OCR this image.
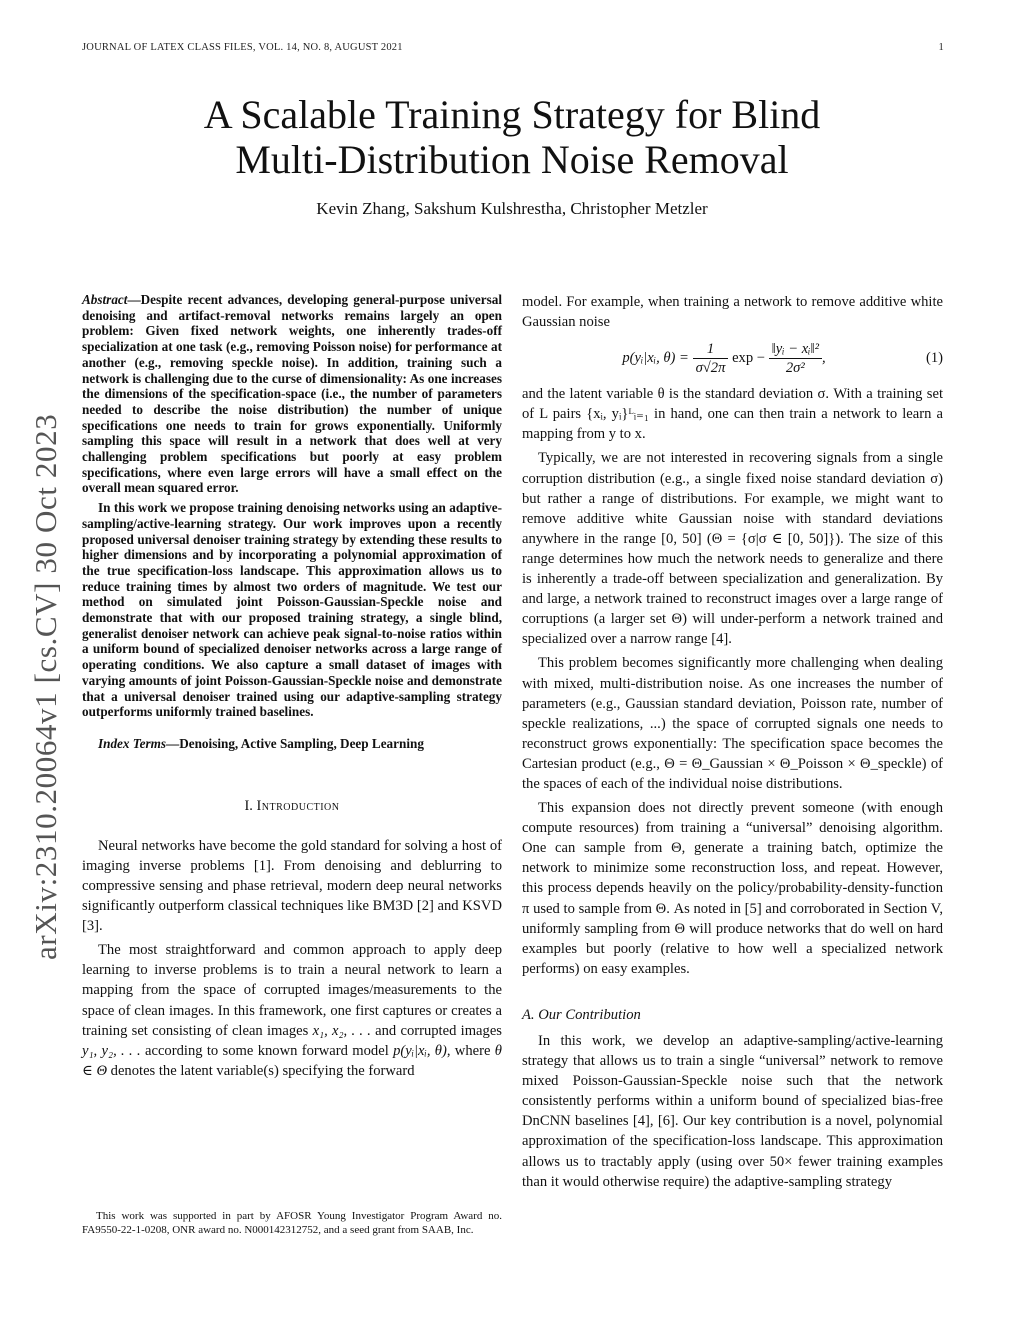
JOURNAL OF LATEX CLASS FILES, VOL. 14, NO. 8, AUGUST 2021	1
A Scalable Training Strategy for Blind
Multi-Distribution Noise Removal
Kevin Zhang, Sakshum Kulshrestha, Christopher Metzler
arXiv:2310.20064v1 [cs.CV] 30 Oct 2023

Abstract—Despite recent advances, developing general-purpose universal denoising and artifact-removal networks remains largely an open problem: Given fixed network weights, one inherently trades-off specialization at one task (e.g., removing Poisson noise) for performance at another (e.g., removing speckle noise). In addition, training such a network is challenging due to the curse of dimensionality: As one increases the dimensions of the specification-space (i.e., the number of parameters needed to describe the noise distribution) the number of unique specifications one needs to train for grows exponentially. Uniformly sampling this space will result in a network that does well at very challenging problem specifications but poorly at easy problem specifications, where even large errors will have a small effect on the overall mean squared error.

In this work we propose training denoising networks using an adaptive-sampling/active-learning strategy. Our work improves upon a recently proposed universal denoiser training strategy by extending these results to higher dimensions and by incorporating a polynomial approximation of the true specification-loss landscape. This approximation allows us to reduce training times by almost two orders of magnitude. We test our method on simulated joint Poisson-Gaussian-Speckle noise and demonstrate that with our proposed training strategy, a single blind, generalist denoiser network can achieve peak signal-to-noise ratios within a uniform bound of specialized denoiser networks across a large range of operating conditions. We also capture a small dataset of images with varying amounts of joint Poisson-Gaussian-Speckle noise and demonstrate that a universal denoiser trained using our adaptive-sampling strategy outperforms uniformly trained baselines.

Index Terms—Denoising, Active Sampling, Deep Learning

I. Introduction

Neural networks have become the gold standard for solving a host of imaging inverse problems [1]. From denoising and deblurring to compressive sensing and phase retrieval, modern deep neural networks significantly outperform classical techniques like BM3D [2] and KSVD [3].

The most straightforward and common approach to apply deep learning to inverse problems is to train a neural network to learn a mapping from the space of corrupted images/measurements to the space of clean images. In this framework, one first captures or creates a training set consisting of clean images x₁, x₂, . . . and corrupted images y₁, y₂, . . . according to some known forward model p(yᵢ|xᵢ, θ), where θ ∈ Θ denotes the latent variable(s) specifying the forward

model. For example, when training a network to remove additive white Gaussian noise

p(yᵢ|xᵢ, $\theta) = \frac{1}{\sigma√2\pi}$ $\exp - \frac{\text{‖yᵢ − xᵢ‖²}}{\text{2σ²}}$ ,	(1)

and the latent variable θ is the standard deviation σ. With a training set of L pairs {xᵢ, yᵢ}ᴸᵢ₌₁ in hand, one can then train a network to learn a mapping from y to x.

Typically, we are not interested in recovering signals from a single corruption distribution (e.g., a single fixed noise standard deviation σ) but rather a range of distributions. For example, we might want to remove additive white Gaussian noise with standard deviations anywhere in the range [0, 50] (Θ = {σ|σ ∈ [0, 50]}). The size of this range determines how much the network needs to generalize and there is inherently a trade-off between specialization and generalization. By and large, a network trained to reconstruct images over a large range of corruptions (a larger set Θ) will under-perform a network trained and specialized over a narrow range [4].

This problem becomes significantly more challenging when dealing with mixed, multi-distribution noise. As one increases the number of parameters (e.g., Gaussian standard deviation, Poisson rate, number of speckle realizations, ...) the space of corrupted signals one needs to reconstruct grows exponentially: The specification space becomes the Cartesian product (e.g., Θ = Θ_Gaussian × Θ_Poisson × Θ_speckle) of the spaces of each of the individual noise distributions.

This expansion does not directly prevent someone (with enough compute resources) from training a “universal” denoising algorithm. One can sample from Θ, generate a training batch, optimize the network to minimize some reconstruction loss, and repeat. However, this process depends heavily on the policy/probability-density-function π used to sample from Θ. As noted in [5] and corroborated in Section V, uniformly sampling from Θ will produce networks that do well on hard examples but poorly (relative to how well a specialized network performs) on easy examples.

A. Our Contribution

In this work, we develop an adaptive-sampling/active-learning strategy that allows us to train a single “universal” network to remove mixed Poisson-Gaussian-Speckle noise such that the network consistently performs within a uniform bound of specialized bias-free DnCNN baselines [4], [6]. Our key contribution is a novel, polynomial approximation of the specification-loss landscape. This approximation allows us to tractably apply (using over 50× fewer training examples than it would otherwise require) the adaptive-sampling strategy

This work was supported in part by AFOSR Young Investigator Program Award no. FA9550-22-1-0208, ONR award no. N000142312752, and a seed grant from SAAB, Inc.
